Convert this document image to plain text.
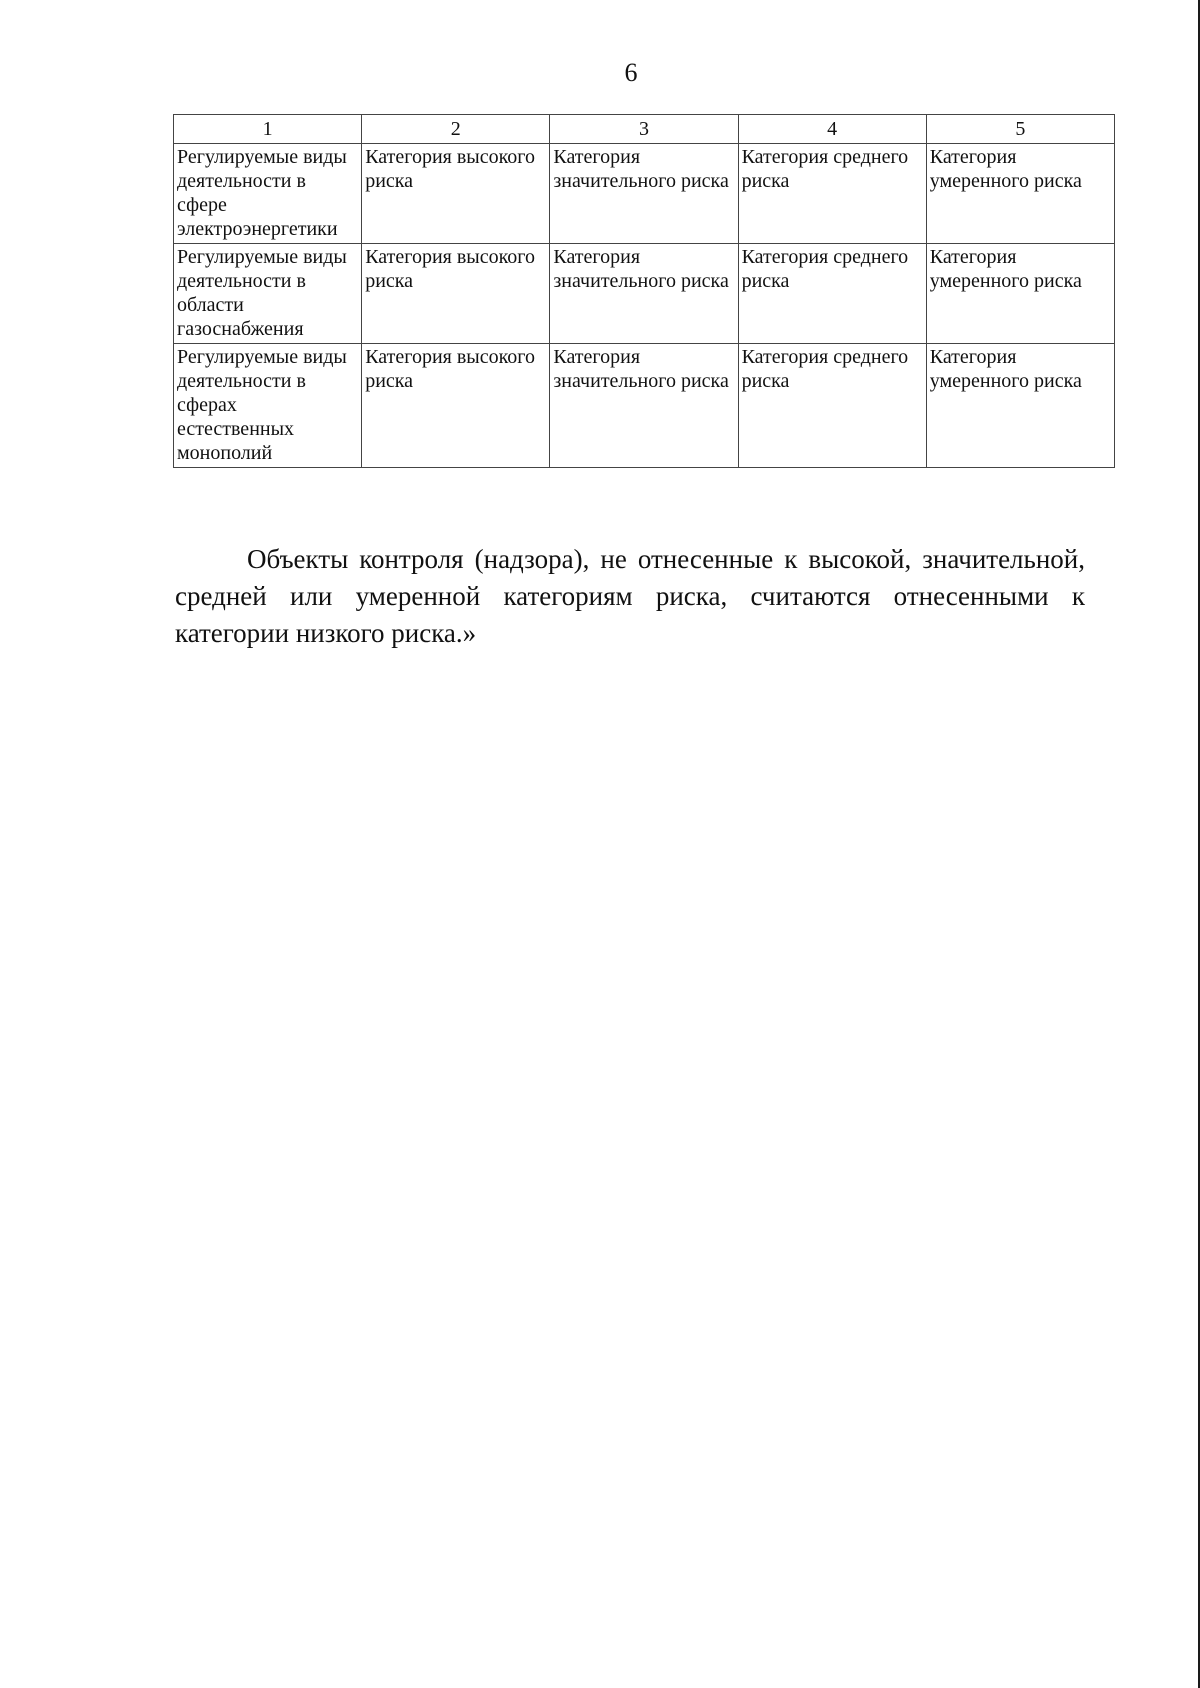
6
1	2	3	4	5
Регулируемые виды деятельности в сфере электроэнергетики	Категория высокого риска	Категория значительного риска	Категория среднего риска	Категория умеренного риска
Регулируемые виды деятельности в области газоснабжения	Категория высокого риска	Категория значительного риска	Категория среднего риска	Категория умеренного риска
Регулируемые виды деятельности в сферах естественных монополий	Категория высокого риска	Категория значительного риска	Категория среднего риска	Категория умеренного риска

Объекты контроля (надзора), не отнесенные к высокой, значительной, средней или умеренной категориям риска, считаются отнесенными к категории низкого риска.»
